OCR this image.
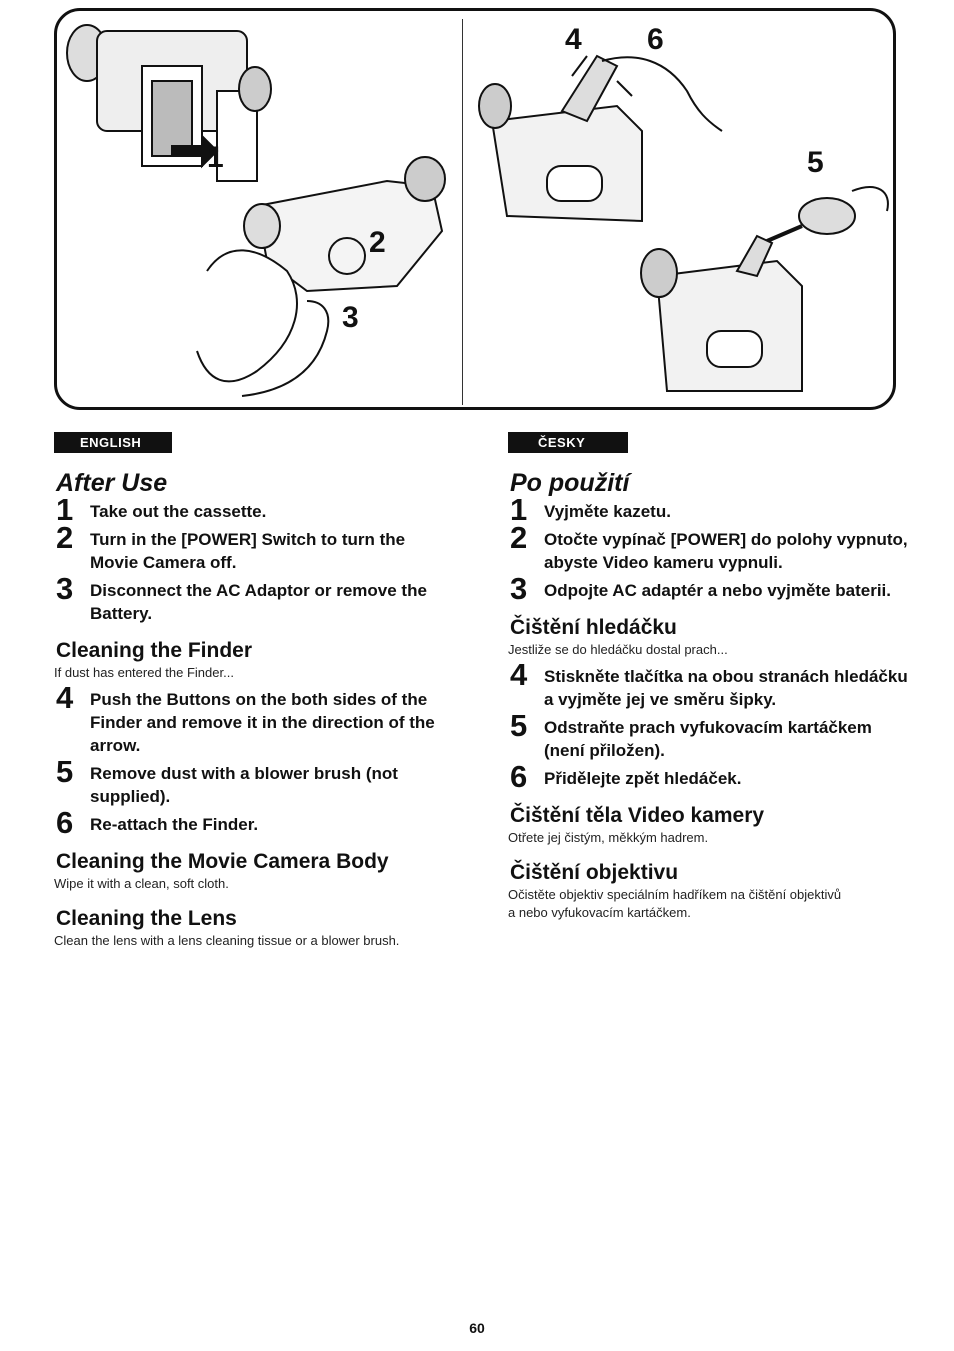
1
2
3
4 6
5
ENGLISH
After Use
1 Take out the cassette.
2 Turn in the [POWER] Switch to turn the Movie Camera off.
3 Disconnect the AC Adaptor or remove the Battery.
Cleaning the Finder
If dust has entered the Finder...
4 Push the Buttons on the both sides of the Finder and remove it in the direction of the arrow.
5 Remove dust with a blower brush (not supplied).
6 Re-attach the Finder.
Cleaning the Movie Camera Body
Wipe it with a clean, soft cloth.
Cleaning the Lens
Clean the lens with a lens cleaning tissue or a blower brush.
ČESKY
Po použití
1 Vyjměte kazetu.
2 Otočte vypínač [POWER] do polohy vypnuto, abyste Video kameru vypnuli.
3 Odpojte AC adaptér a nebo vyjměte baterii.
Čištění hledáčku
Jestliže se do hledáčku dostal prach...
4 Stiskněte tlačítka na obou stranách hledáčku a vyjměte jej ve směru šipky.
5 Odstraňte prach vyfukovacím kartáčkem (není přiložen).
6 Přidělejte zpět hledáček.
Čištění těla Video kamery
Otřete jej čistým, měkkým hadrem.
Čištění objektivu
Očistěte objektiv speciálním hadříkem na čištění objektivů a nebo vyfukovacím kartáčkem.
60
